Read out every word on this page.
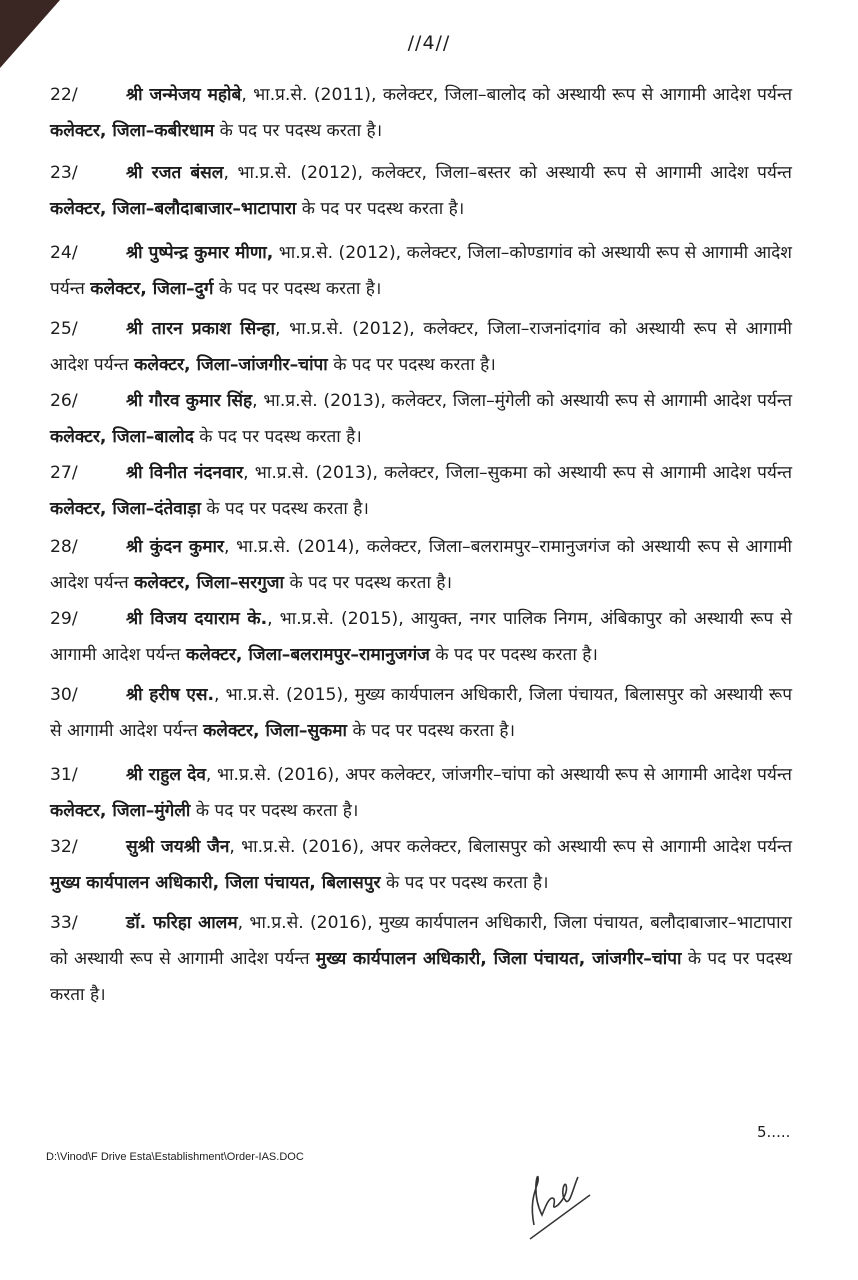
//4//

22/	श्री जन्मेजय महोबे, भा.प्र.से. (2011), कलेक्टर, जिला–बालोद को अस्थायी रूप से आगामी आदेश पर्यन्त कलेक्टर, जिला–कबीरधाम के पद पर पदस्थ करता है।

23/	श्री रजत बंसल, भा.प्र.से. (2012), कलेक्टर, जिला–बस्तर को अस्थायी रूप से आगामी आदेश पर्यन्त कलेक्टर, जिला–बलौदाबाजार–भाटापारा के पद पर पदस्थ करता है।

24/	श्री पुष्पेन्द्र कुमार मीणा, भा.प्र.से. (2012), कलेक्टर, जिला–कोण्डागांव को अस्थायी रूप से आगामी आदेश पर्यन्त कलेक्टर, जिला–दुर्ग के पद पर पदस्थ करता है।

25/	श्री तारन प्रकाश सिन्हा, भा.प्र.से. (2012), कलेक्टर, जिला–राजनांदगांव को अस्थायी रूप से आगामी आदेश पर्यन्त कलेक्टर, जिला–जांजगीर–चांपा के पद पर पदस्थ करता है।

26/	श्री गौरव कुमार सिंह, भा.प्र.से. (2013), कलेक्टर, जिला–मुंगेली को अस्थायी रूप से आगामी आदेश पर्यन्त कलेक्टर, जिला–बालोद के पद पर पदस्थ करता है।

27/	श्री विनीत नंदनवार, भा.प्र.से. (2013), कलेक्टर, जिला–सुकमा को अस्थायी रूप से आगामी आदेश पर्यन्त कलेक्टर, जिला–दंतेवाड़ा के पद पर पदस्थ करता है।

28/	श्री कुंदन कुमार, भा.प्र.से. (2014), कलेक्टर, जिला–बलरामपुर–रामानुजगंज को अस्थायी रूप से आगामी आदेश पर्यन्त कलेक्टर, जिला–सरगुजा के पद पर पदस्थ करता है।

29/	श्री विजय दयाराम के., भा.प्र.से. (2015), आयुक्त, नगर पालिक निगम, अंबिकापुर को अस्थायी रूप से आगामी आदेश पर्यन्त कलेक्टर, जिला–बलरामपुर–रामानुजगंज के पद पर पदस्थ करता है।

30/	श्री हरीष एस., भा.प्र.से. (2015), मुख्य कार्यपालन अधिकारी, जिला पंचायत, बिलासपुर को अस्थायी रूप से आगामी आदेश पर्यन्त कलेक्टर, जिला–सुकमा के पद पर पदस्थ करता है।

31/	श्री राहुल देव, भा.प्र.से. (2016), अपर कलेक्टर, जांजगीर–चांपा को अस्थायी रूप से आगामी आदेश पर्यन्त कलेक्टर, जिला–मुंगेली के पद पर पदस्थ करता है।

32/	सुश्री जयश्री जैन, भा.प्र.से. (2016), अपर कलेक्टर, बिलासपुर को अस्थायी रूप से आगामी आदेश पर्यन्त मुख्य कार्यपालन अधिकारी, जिला पंचायत, बिलासपुर के पद पर पदस्थ करता है।

33/	डॉ. फरिहा आलम, भा.प्र.से. (2016), मुख्य कार्यपालन अधिकारी, जिला पंचायत, बलौदाबाजार–भाटापारा को अस्थायी रूप से आगामी आदेश पर्यन्त मुख्य कार्यपालन अधिकारी, जिला पंचायत, जांजगीर–चांपा के पद पर पदस्थ करता है।

5.....
D:\Vinod\F Drive Esta\Establishment\Order-IAS.DOC
